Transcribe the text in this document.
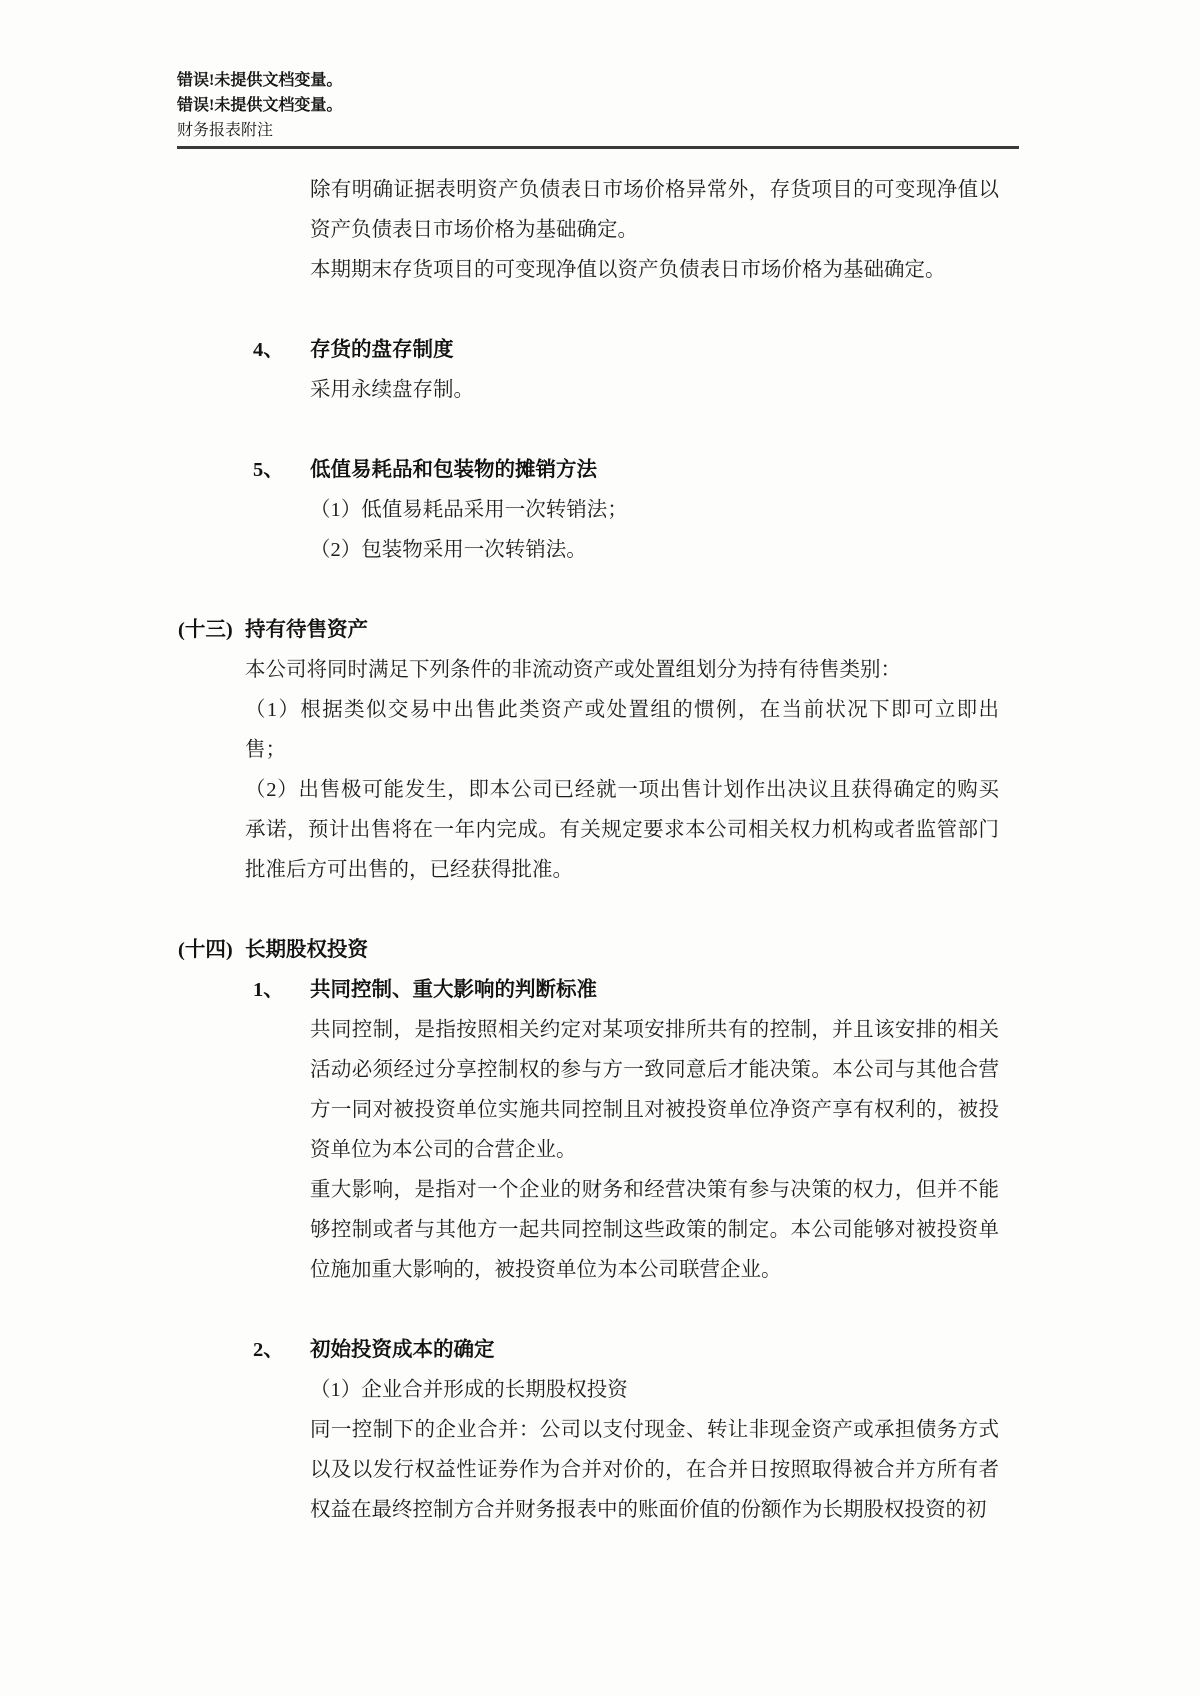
错误!未提供文档变量。
错误!未提供文档变量。
财务报表附注
除有明确证据表明资产负债表日市场价格异常外，存货项目的可变现净值以
资产负债表日市场价格为基础确定。
本期期末存货项目的可变现净值以资产负债表日市场价格为基础确定。
4、 存货的盘存制度
采用永续盘存制。
5、 低值易耗品和包装物的摊销方法
（1）低值易耗品采用一次转销法；
（2）包装物采用一次转销法。
(十三) 持有待售资产
本公司将同时满足下列条件的非流动资产或处置组划分为持有待售类别：
（1）根据类似交易中出售此类资产或处置组的惯例，在当前状况下即可立即出
售；
（2）出售极可能发生，即本公司已经就一项出售计划作出决议且获得确定的购买
承诺，预计出售将在一年内完成。有关规定要求本公司相关权力机构或者监管部门
批准后方可出售的，已经获得批准。
(十四) 长期股权投资
1、 共同控制、重大影响的判断标准
共同控制，是指按照相关约定对某项安排所共有的控制，并且该安排的相关
活动必须经过分享控制权的参与方一致同意后才能决策。本公司与其他合营
方一同对被投资单位实施共同控制且对被投资单位净资产享有权利的，被投
资单位为本公司的合营企业。
重大影响，是指对一个企业的财务和经营决策有参与决策的权力，但并不能
够控制或者与其他方一起共同控制这些政策的制定。本公司能够对被投资单
位施加重大影响的，被投资单位为本公司联营企业。
2、 初始投资成本的确定
（1）企业合并形成的长期股权投资
同一控制下的企业合并：公司以支付现金、转让非现金资产或承担债务方式
以及以发行权益性证券作为合并对价的，在合并日按照取得被合并方所有者
权益在最终控制方合并财务报表中的账面价值的份额作为长期股权投资的初
